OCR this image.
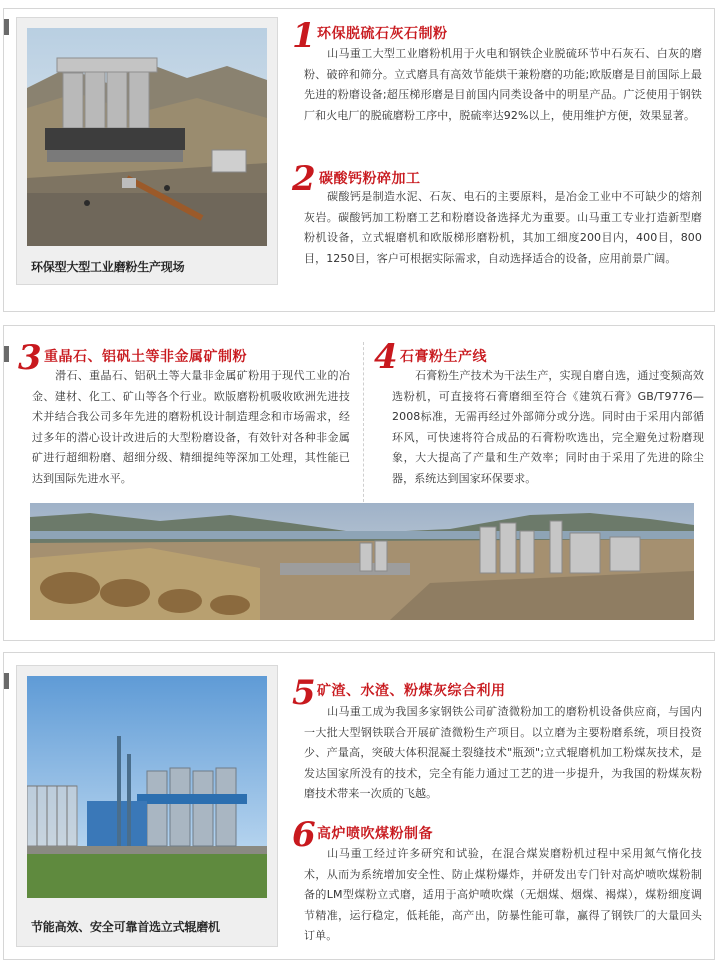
环保型大型工业磨粉生产现场
1 环保脱硫石灰石制粉
山马重工大型工业磨粉机用于火电和钢铁企业脱硫环节中石灰石、白灰的磨粉、破碎和筛分。立式磨具有高效节能烘干兼粉磨的功能;欧版磨是目前国际上最先进的粉磨设备;超压梯形磨是目前国内同类设备中的明星产品。广泛使用于钢铁厂和火电厂的脱硫磨粉工序中，脱硫率达92%以上，使用维护方便，效果显著。
2 碳酸钙粉碎加工
碳酸钙是制造水泥、石灰、电石的主要原料，是冶金工业中不可缺少的熔剂灰岩。碳酸钙加工粉磨工艺和粉磨设备选择尤为重要。山马重工专业打造新型磨粉机设备，立式辊磨机和欧版梯形磨粉机，其加工细度200目内，400目，800目，1250目，客户可根据实际需求，自动选择适合的设备，应用前景广阔。
3 重晶石、铝矾土等非金属矿制粉
滑石、重晶石、铝矾土等大量非金属矿粉用于现代工业的冶金、建材、化工、矿山等各个行业。欧版磨粉机吸收欧洲先进技术并结合我公司多年先进的磨粉机设计制造理念和市场需求，经过多年的潜心设计改进后的大型粉磨设备，有效针对各种非金属矿进行超细粉磨、超细分级、精细提纯等深加工处理，其性能已达到国际先进水平。
4 石膏粉生产线
石膏粉生产技术为干法生产，实现自磨自选，通过变频高效选粉机，可直接将石膏磨细至符合《建筑石膏》GB/T9776—2008标准，无需再经过外部筛分或分选。同时由于采用内部循环风，可快速将符合成品的石膏粉吹选出，完全避免过粉磨现象，大大提高了产量和生产效率；同时由于采用了先进的除尘器，系统达到国家环保要求。
节能高效、安全可靠首选立式辊磨机
5 矿渣、水渣、粉煤灰综合利用
山马重工成为我国多家钢铁公司矿渣微粉加工的磨粉机设备供应商，与国内一大批大型钢铁联合开展矿渣微粉生产项目。以立磨为主要粉磨系统，项目投资少、产量高，突破大体积混凝土裂缝技术"瓶颈";立式辊磨机加工粉煤灰技术，是发达国家所没有的技术，完全有能力通过工艺的进一步提升，为我国的粉煤灰粉磨技术带来一次质的飞越。
6 高炉喷吹煤粉制备
山马重工经过许多研究和试验，在混合煤炭磨粉机过程中采用氮气惰化技术，从而为系统增加安全性、防止煤粉爆炸，并研发出专门针对高炉喷吹煤粉制备的LM型煤粉立式磨，适用于高炉喷吹煤（无烟煤、烟煤、褐煤），煤粉细度调节精准，运行稳定，低耗能，高产出，防暴性能可靠，赢得了钢铁厂的大量回头订单。
